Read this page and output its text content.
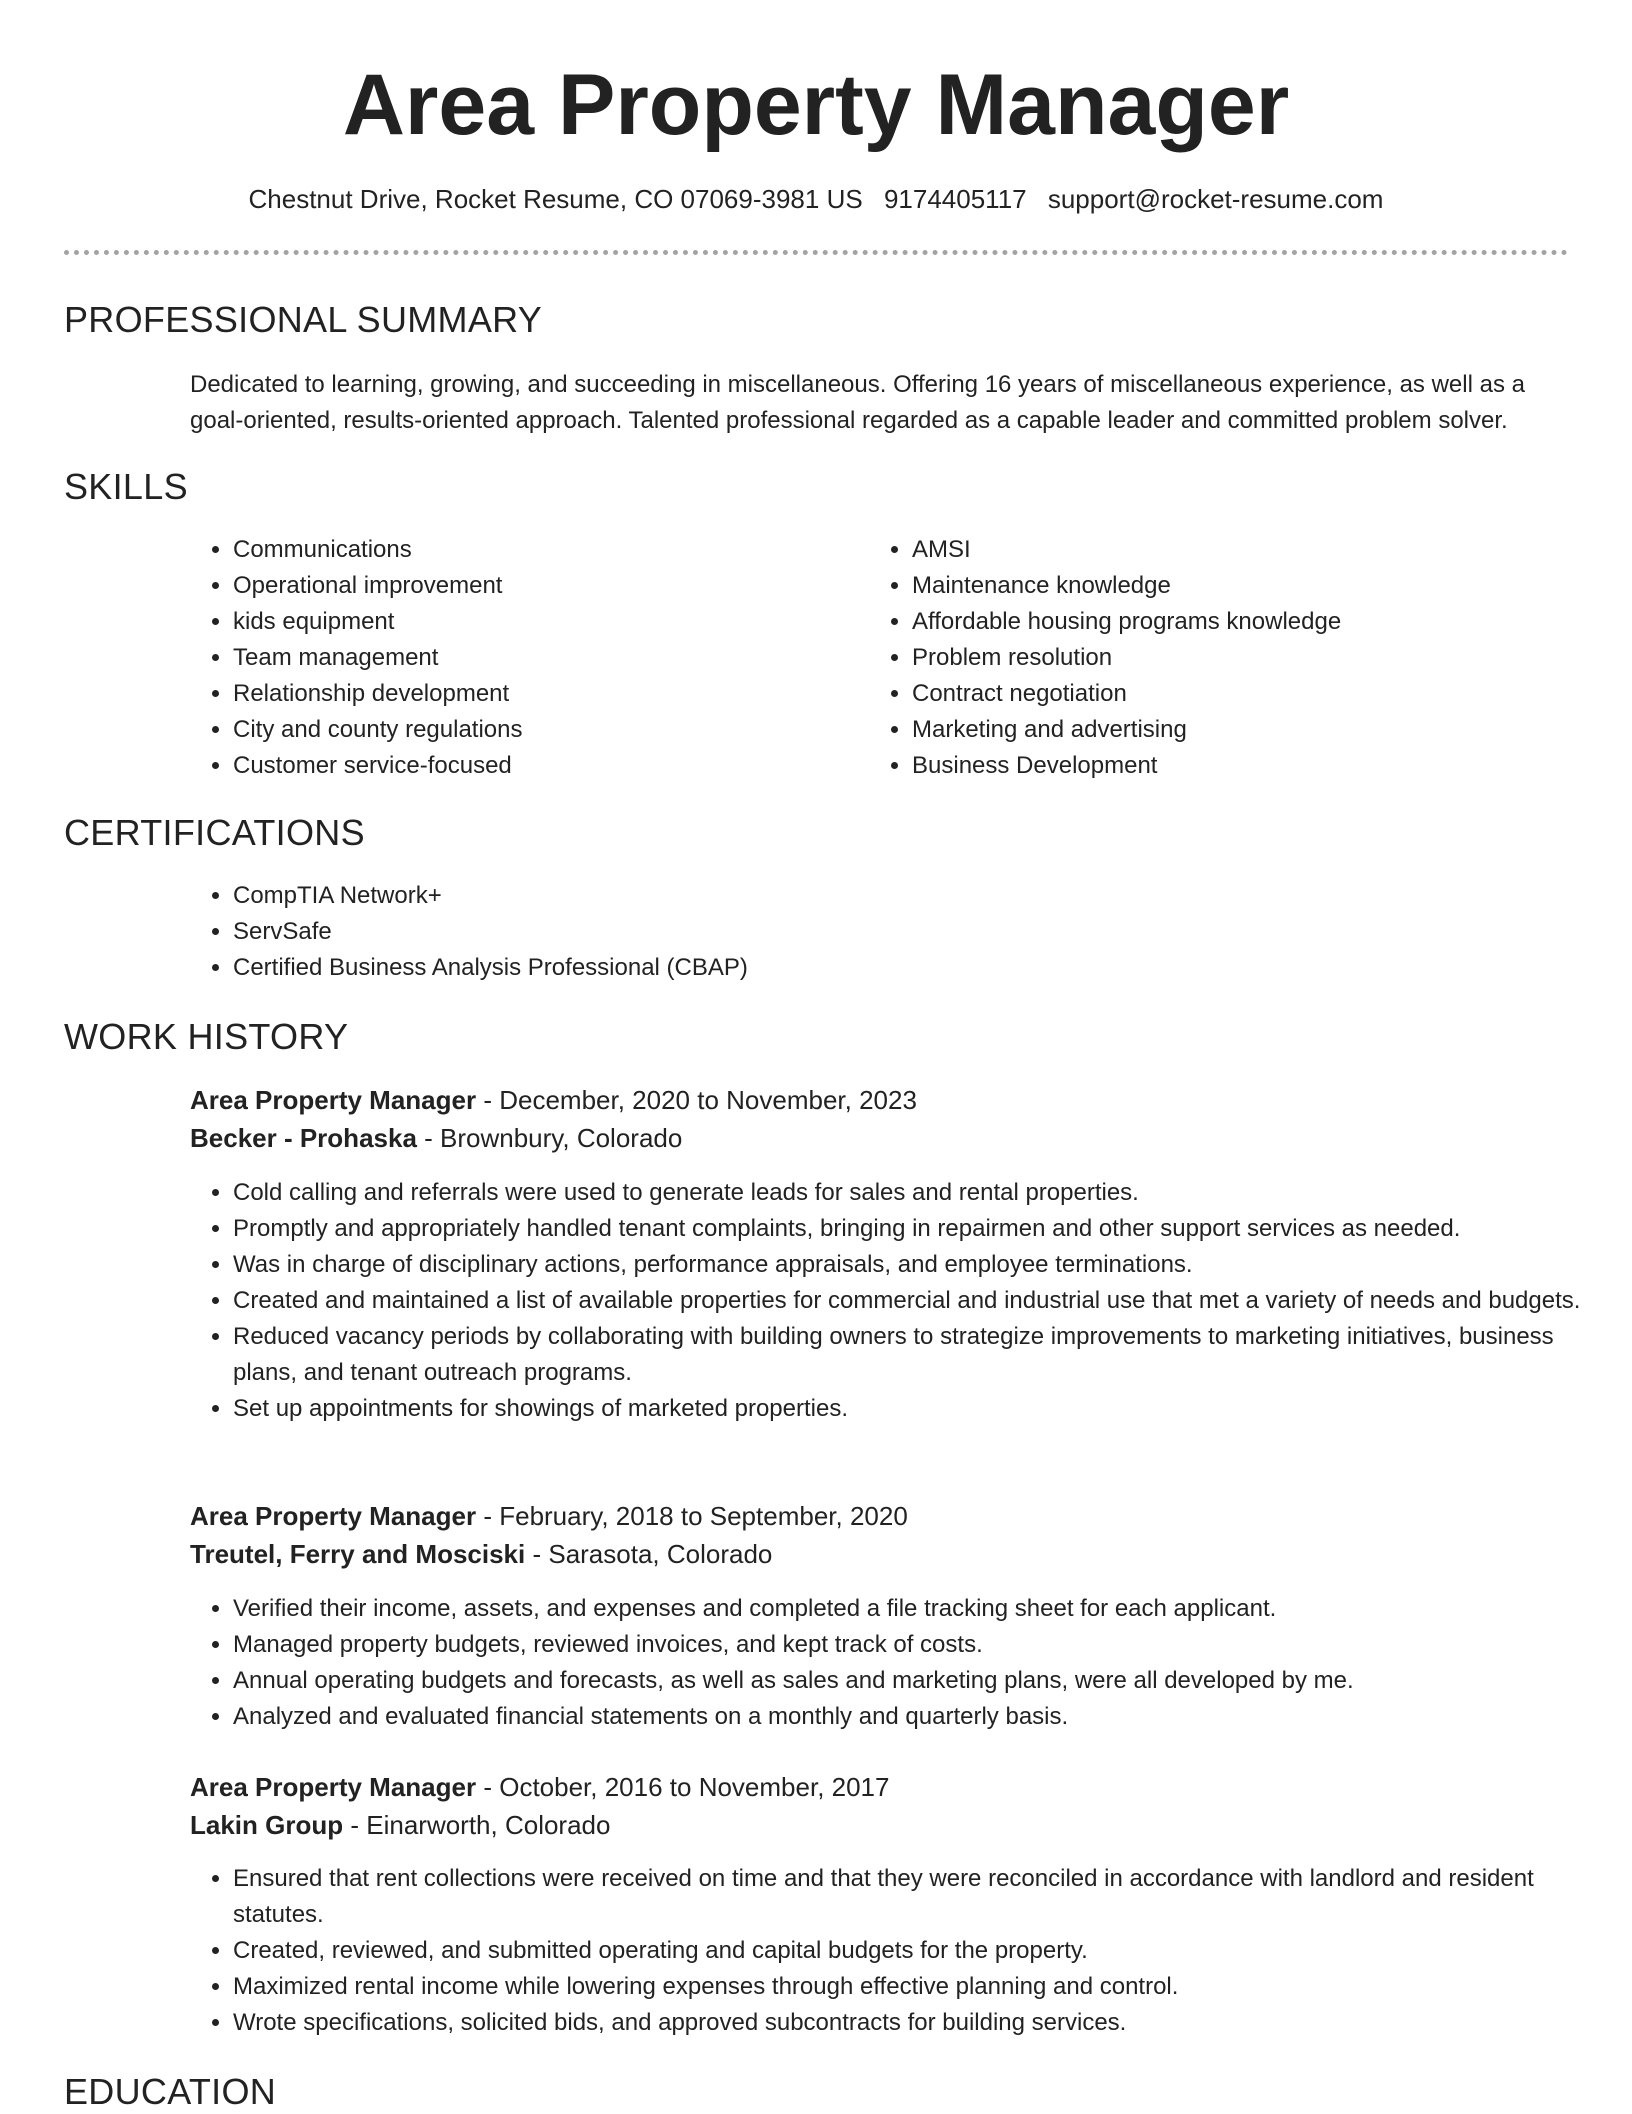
Area Property Manager
Chestnut Drive, Rocket Resume, CO 07069-3981 US 9174405117 support@rocket-resume.com
PROFESSIONAL SUMMARY

Dedicated to learning, growing, and succeeding in miscellaneous. Offering 16 years of miscellaneous experience, as well as a goal-oriented, results-oriented approach. Talented professional regarded as a capable leader and committed problem solver.

SKILLS
• Communications
• Operational improvement
• kids equipment
• Team management
• Relationship development
• City and county regulations
• Customer service-focused
• AMSI
• Maintenance knowledge
• Affordable housing programs knowledge
• Problem resolution
• Contract negotiation
• Marketing and advertising
• Business Development
CERTIFICATIONS
• CompTIA Network+
• ServSafe
• Certified Business Analysis Professional (CBAP)
WORK HISTORY
Area Property Manager - December, 2020 to November, 2023
Becker - Prohaska - Brownbury, Colorado
• Cold calling and referrals were used to generate leads for sales and rental properties.
• Promptly and appropriately handled tenant complaints, bringing in repairmen and other support services as needed.
• Was in charge of disciplinary actions, performance appraisals, and employee terminations.
• Created and maintained a list of available properties for commercial and industrial use that met a variety of needs and budgets.
• Reduced vacancy periods by collaborating with building owners to strategize improvements to marketing initiatives, business plans, and tenant outreach programs.
• Set up appointments for showings of marketed properties.
Area Property Manager - February, 2018 to September, 2020
Treutel, Ferry and Mosciski - Sarasota, Colorado
• Verified their income, assets, and expenses and completed a file tracking sheet for each applicant.
• Managed property budgets, reviewed invoices, and kept track of costs.
• Annual operating budgets and forecasts, as well as sales and marketing plans, were all developed by me.
• Analyzed and evaluated financial statements on a monthly and quarterly basis.
Area Property Manager - October, 2016 to November, 2017
Lakin Group - Einarworth, Colorado
• Ensured that rent collections were received on time and that they were reconciled in accordance with landlord and resident statutes.
• Created, reviewed, and submitted operating and capital budgets for the property.
• Maximized rental income while lowering expenses through effective planning and control.
• Wrote specifications, solicited bids, and approved subcontracts for building services.
EDUCATION
